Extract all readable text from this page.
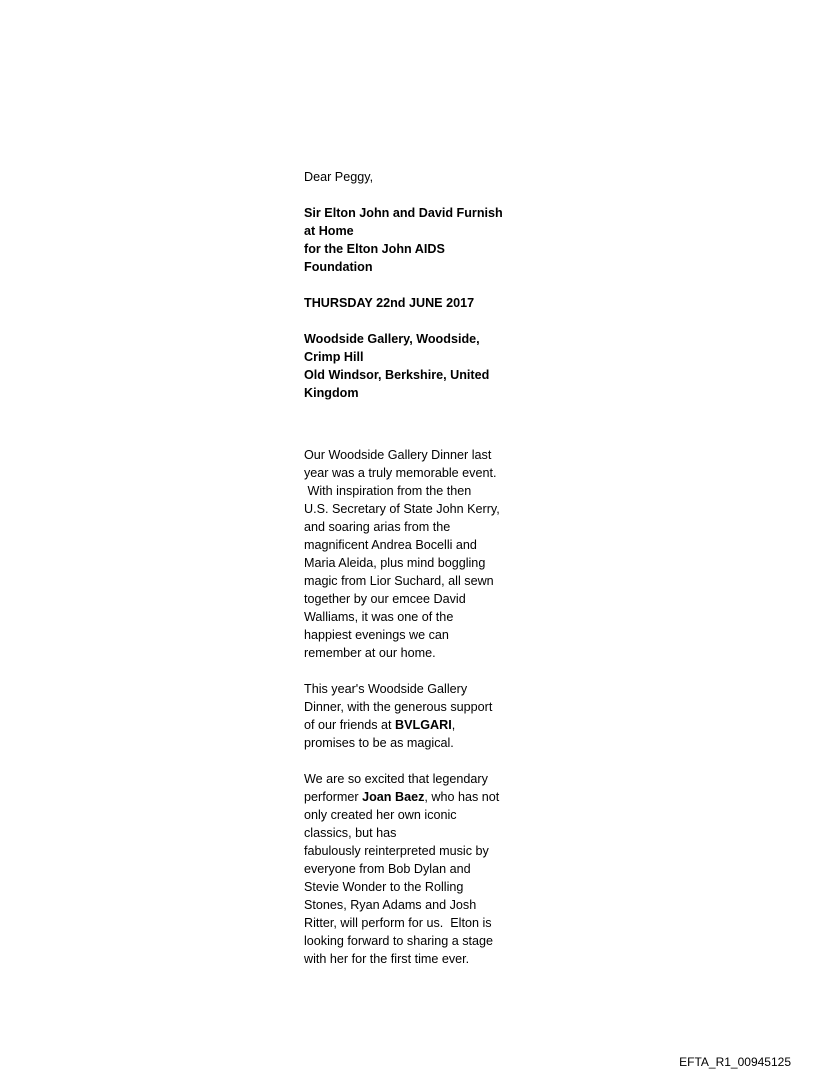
Dear Peggy,
Sir Elton John and David Furnish
at Home
for the Elton John AIDS
Foundation
THURSDAY 22nd JUNE 2017
Woodside Gallery, Woodside,
Crimp Hill
Old Windsor, Berkshire, United
Kingdom
Our Woodside Gallery Dinner last
year was a truly memorable event.
With inspiration from the then
U.S. Secretary of State John Kerry,
and soaring arias from the
magnificent Andrea Bocelli and
Maria Aleida, plus mind boggling
magic from Lior Suchard, all sewn
together by our emcee David
Walliams, it was one of the
happiest evenings we can
remember at our home.
This year's Woodside Gallery
Dinner, with the generous support
of our friends at BVLGARI,
promises to be as magical.
We are so excited that legendary
performer Joan Baez, who has not
only created her own iconic
classics, but has
fabulously reinterpreted music by
everyone from Bob Dylan and
Stevie Wonder to the Rolling
Stones, Ryan Adams and Josh
Ritter, will perform for us.  Elton is
looking forward to sharing a stage
with her for the first time ever.
EFTA_R1_00945125
